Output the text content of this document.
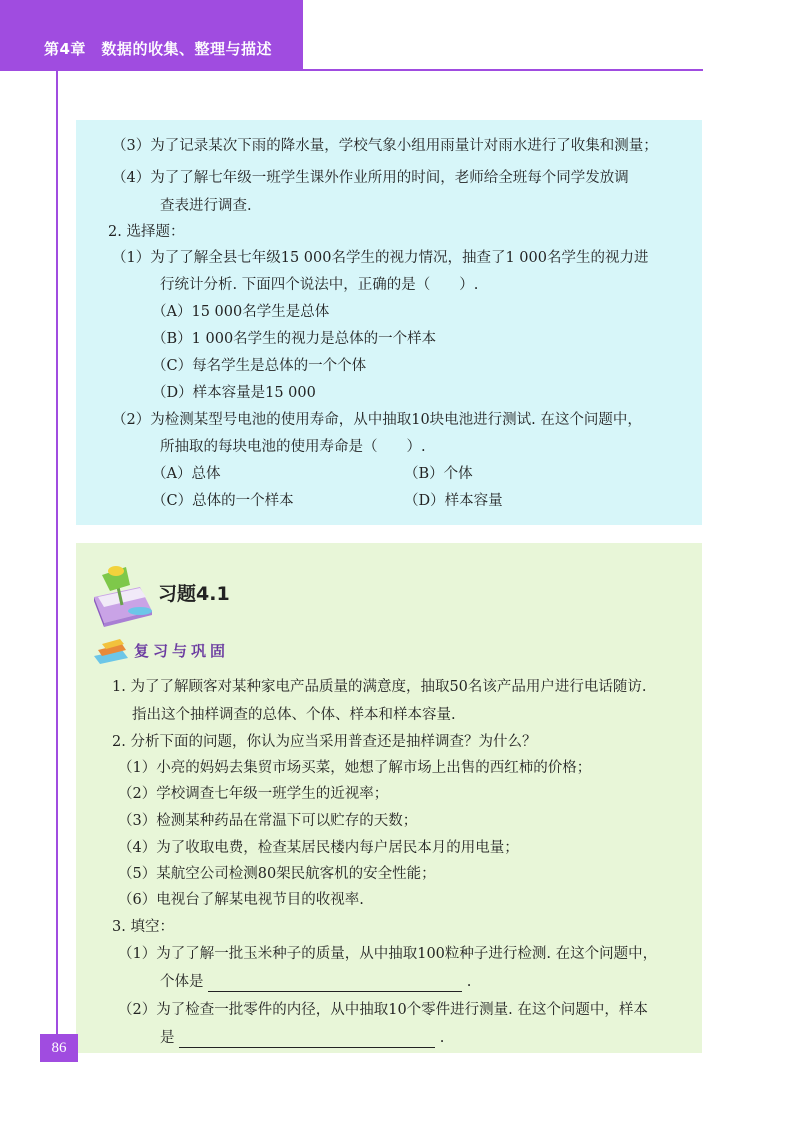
第4章　数据的收集、整理与描述
（3）为了记录某次下雨的降水量，学校气象小组用雨量计对雨水进行了收集和测量；
（4）为了了解七年级一班学生课外作业所用的时间，老师给全班每个同学发放调
查表进行调查.
2. 选择题：
（1）为了了解全县七年级15 000名学生的视力情况，抽查了1 000名学生的视力进
行统计分析. 下面四个说法中，正确的是（　　）.
（A）15 000名学生是总体
（B）1 000名学生的视力是总体的一个样本
（C）每名学生是总体的一个个体
（D）样本容量是15 000
（2）为检测某型号电池的使用寿命，从中抽取10块电池进行测试. 在这个问题中，
所抽取的每块电池的使用寿命是（　　）.
（A）总体	（B）个体
（C）总体的一个样本	（D）样本容量
习题4.1
复习与巩固
1. 为了了解顾客对某种家电产品质量的满意度，抽取50名该产品用户进行电话随访.
指出这个抽样调查的总体、个体、样本和样本容量.
2. 分析下面的问题，你认为应当采用普查还是抽样调查？为什么？
（1）小亮的妈妈去集贸市场买菜，她想了解市场上出售的西红柿的价格；
（2）学校调查七年级一班学生的近视率；
（3）检测某种药品在常温下可以贮存的天数；
（4）为了收取电费，检查某居民楼内每户居民本月的用电量；
（5）某航空公司检测80架民航客机的安全性能；
（6）电视台了解某电视节目的收视率.
3. 填空：
（1）为了了解一批玉米种子的质量，从中抽取100粒种子进行检测. 在这个问题中，
个体是	.
（2）为了检查一批零件的内径，从中抽取10个零件进行测量. 在这个问题中，样本
是	.
86
